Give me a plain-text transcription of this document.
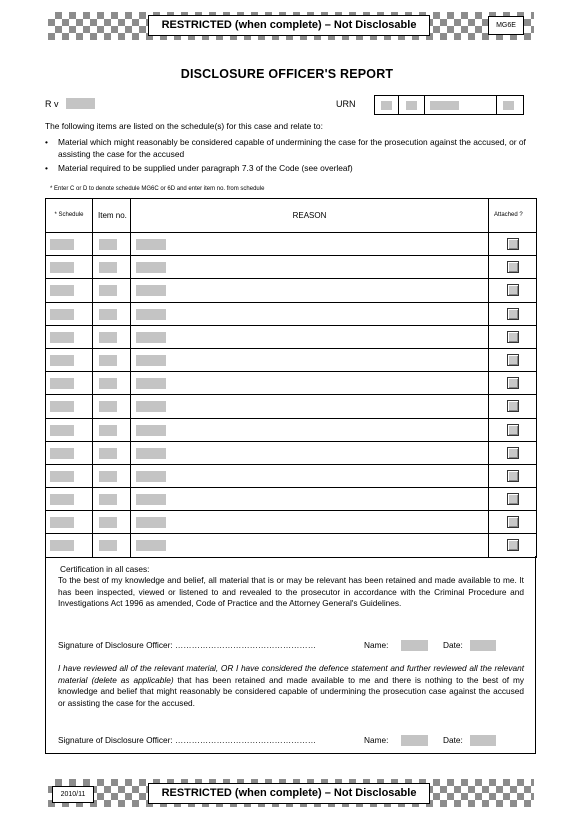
RESTRICTED (when complete) – Not Disclosable	MG6E
DISCLOSURE OFFICER'S REPORT
R v	URN
The following items are listed on the schedule(s) for this case and relate to:
• Material which might reasonably be considered capable of undermining the case for the prosecution against the accused, or of assisting the case for the accused
• Material required to be supplied under paragraph 7.3 of the Code (see overleaf)
* Enter C or D to denote schedule MG6C or 6D and enter item no. from schedule
* Schedule	Item no.	REASON	Attached ?

Certification in all cases:
To the best of my knowledge and belief, all material that is or may be relevant has been retained and made available to me. It has been inspected, viewed or listened to and revealed to the prosecutor in accordance with the Criminal Procedure and Investigations Act 1996 as amended, Code of Practice and the Attorney General's Guidelines.
Signature of Disclosure Officer: ……………………………………………	Name:	Date:
I have reviewed all of the relevant material, OR I have considered the defence statement and further reviewed all the relevant material (delete as applicable) that has been retained and made available to me and there is nothing to the best of my knowledge and belief that might reasonably be considered capable of undermining the prosecution case against the accused or assisting the case for the accused.
Signature of Disclosure Officer: ……………………………………………	Name:	Date:
2010/11	RESTRICTED (when complete) – Not Disclosable
